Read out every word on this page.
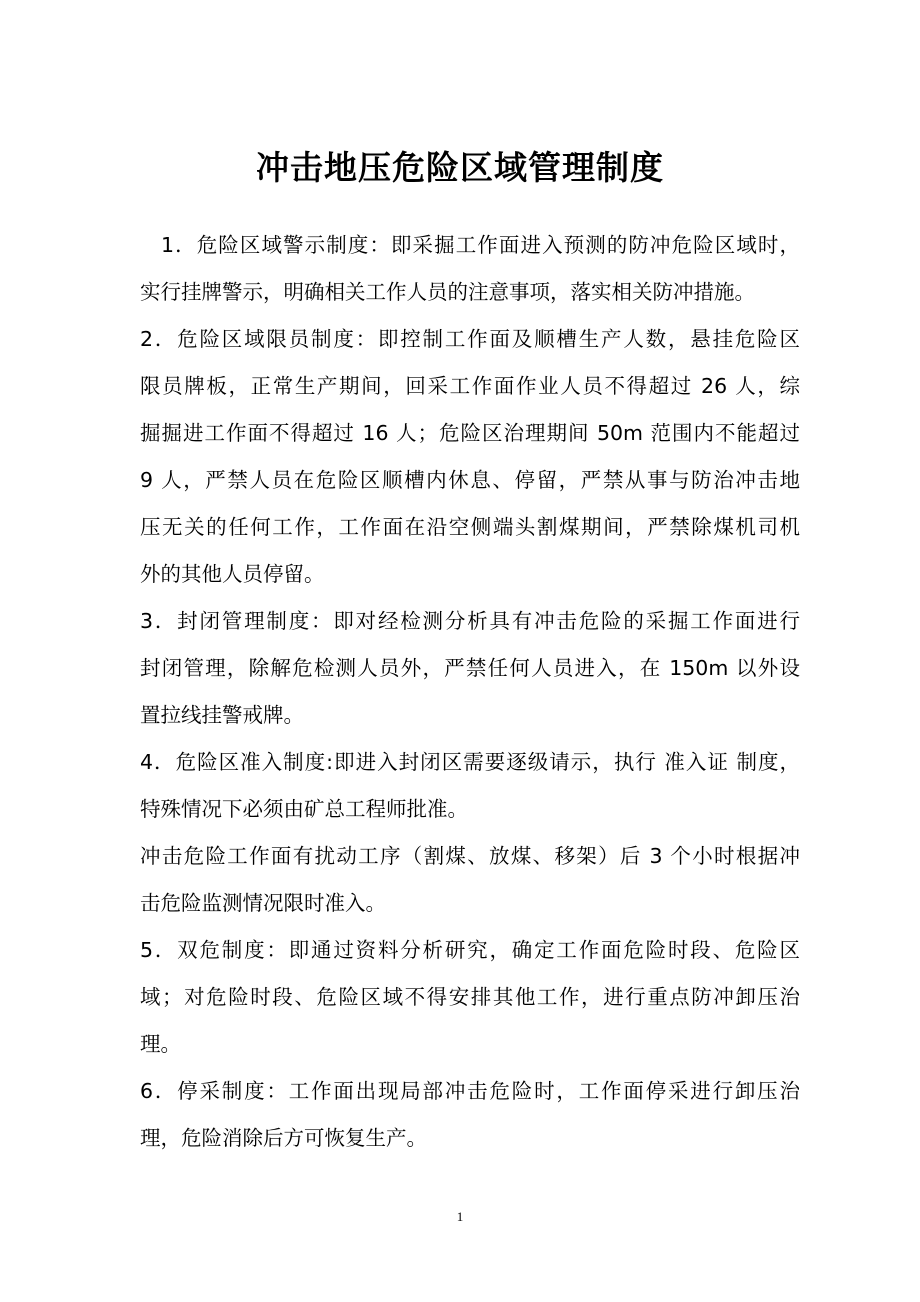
冲击地压危险区域管理制度
1．危险区域警示制度：即采掘工作面进入预测的防冲危险区域时，
实行挂牌警示，明确相关工作人员的注意事项，落实相关防冲措施。
2．危险区域限员制度：即控制工作面及顺槽生产人数，悬挂危险区
限员牌板，正常生产期间，回采工作面作业人员不得超过 26 人，综
掘掘进工作面不得超过 16 人；危险区治理期间 50m 范围内不能超过
9 人，严禁人员在危险区顺槽内休息、停留，严禁从事与防治冲击地
压无关的任何工作，工作面在沿空侧端头割煤期间，严禁除煤机司机
外的其他人员停留。
3．封闭管理制度：即对经检测分析具有冲击危险的采掘工作面进行
封闭管理，除解危检测人员外，严禁任何人员进入，在 150m 以外设
置拉线挂警戒牌。
4．危险区准入制度:即进入封闭区需要逐级请示，执行 准入证 制度，
特殊情况下必须由矿总工程师批准。
冲击危险工作面有扰动工序（割煤、放煤、移架）后 3 个小时根据冲
击危险监测情况限时准入。
5．双危制度：即通过资料分析研究，确定工作面危险时段、危险区
域；对危险时段、危险区域不得安排其他工作，进行重点防冲卸压治
理。
6．停采制度：工作面出现局部冲击危险时，工作面停采进行卸压治
理，危险消除后方可恢复生产。
1
